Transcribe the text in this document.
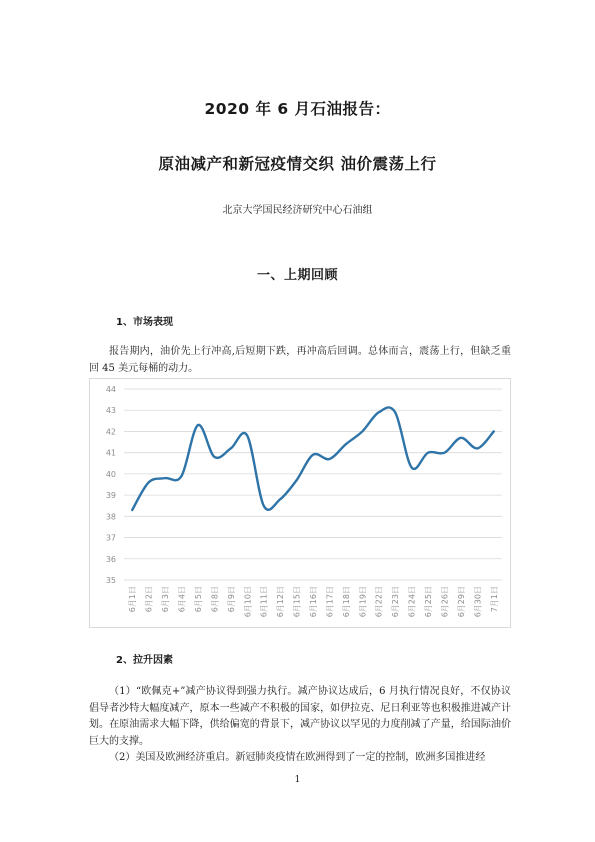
2020 年 6 月石油报告：
原油减产和新冠疫情交织 油价震荡上行
北京大学国民经济研究中心石油组
一、上期回顾
1、市场表现

报告期内，油价先上行冲高,后短期下跌，再冲高后回调。总体而言，震荡上行，但缺乏重回 45 美元每桶的动力。

35
36
37
38
39
40
41
42
43
44
6月1日 6月2日 6月3日 6月4日 6月5日 6月8日 6月9日 6月10日 6月11日 6月12日 6月15日 6月16日 6月17日 6月18日 6月19日 6月22日 6月23日 6月24日 6月25日 6月26日 6月29日 6月30日 7月1日
2、拉升因素

（1）“欧佩克+”减产协议得到强力执行。减产协议达成后，6 月执行情况良好，不仅协议倡导者沙特大幅度减产，原本一些减产不积极的国家，如伊拉克、尼日利亚等也积极推进减产计划。在原油需求大幅下降，供给偏宽的背景下，减产协议以罕见的力度削减了产量，给国际油价巨大的支撑。

（2）美国及欧洲经济重启。新冠肺炎疫情在欧洲得到了一定的控制，欧洲多国推进经

1
